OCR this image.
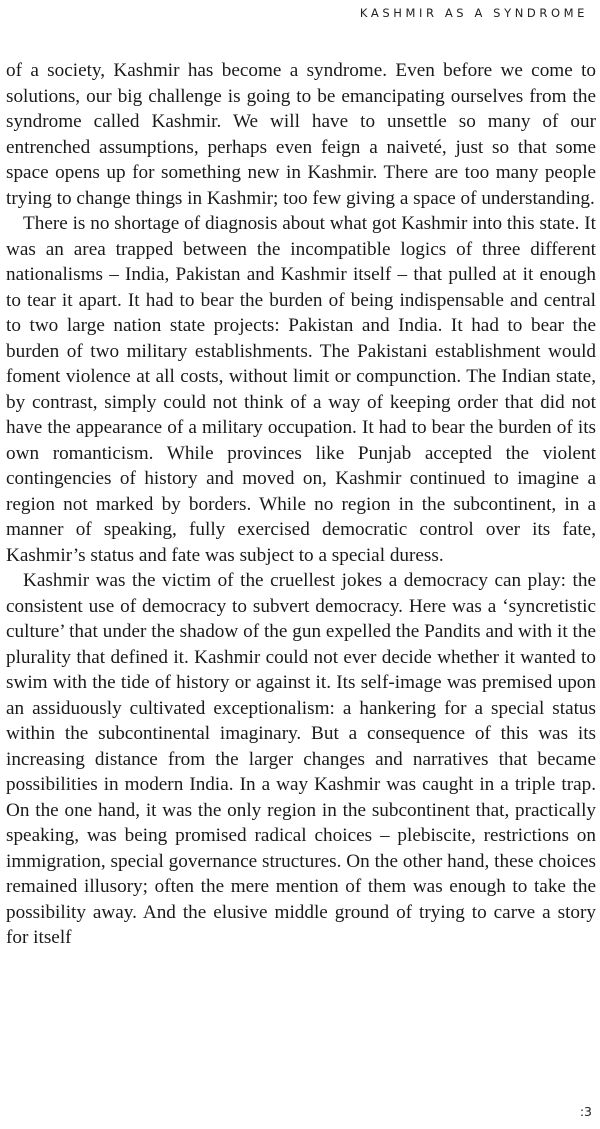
KASHMIR AS A SYNDROME

of a society, Kashmir has become a syndrome. Even before we come to solutions, our big challenge is going to be emancipating ourselves from the syndrome called Kashmir. We will have to unsettle so many of our entrenched assumptions, perhaps even feign a naiveté, just so that some space opens up for something new in Kashmir. There are too many people trying to change things in Kashmir; too few giving a space of understanding.

There is no shortage of diagnosis about what got Kashmir into this state. It was an area trapped between the incompatible logics of three different nationalisms – India, Pakistan and Kashmir itself – that pulled at it enough to tear it apart. It had to bear the burden of being indispensable and central to two large nation state projects: Pakistan and India. It had to bear the burden of two military establishments. The Pakistani establishment would foment violence at all costs, without limit or compunction. The Indian state, by contrast, simply could not think of a way of keeping order that did not have the appearance of a military occupation. It had to bear the burden of its own romanticism. While provinces like Punjab accepted the violent contingencies of history and moved on, Kashmir continued to imagine a region not marked by borders. While no region in the subcontinent, in a manner of speaking, fully exercised democratic control over its fate, Kashmir’s status and fate was subject to a special duress.

Kashmir was the victim of the cruellest jokes a democracy can play: the consistent use of democracy to subvert democracy. Here was a ‘syncretistic culture’ that under the shadow of the gun expelled the Pandits and with it the plurality that defined it. Kashmir could not ever decide whether it wanted to swim with the tide of history or against it. Its self-image was premised upon an assiduously cultivated exceptionalism: a hankering for a special status within the subcontinental imaginary. But a consequence of this was its increasing distance from the larger changes and narratives that became possibilities in modern India. In a way Kashmir was caught in a triple trap. On the one hand, it was the only region in the subcontinent that, practically speaking, was being promised radical choices – plebiscite, restrictions on immigration, special governance structures. On the other hand, these choices remained illusory; often the mere mention of them was enough to take the possibility away. And the elusive middle ground of trying to carve a story for itself

:3
